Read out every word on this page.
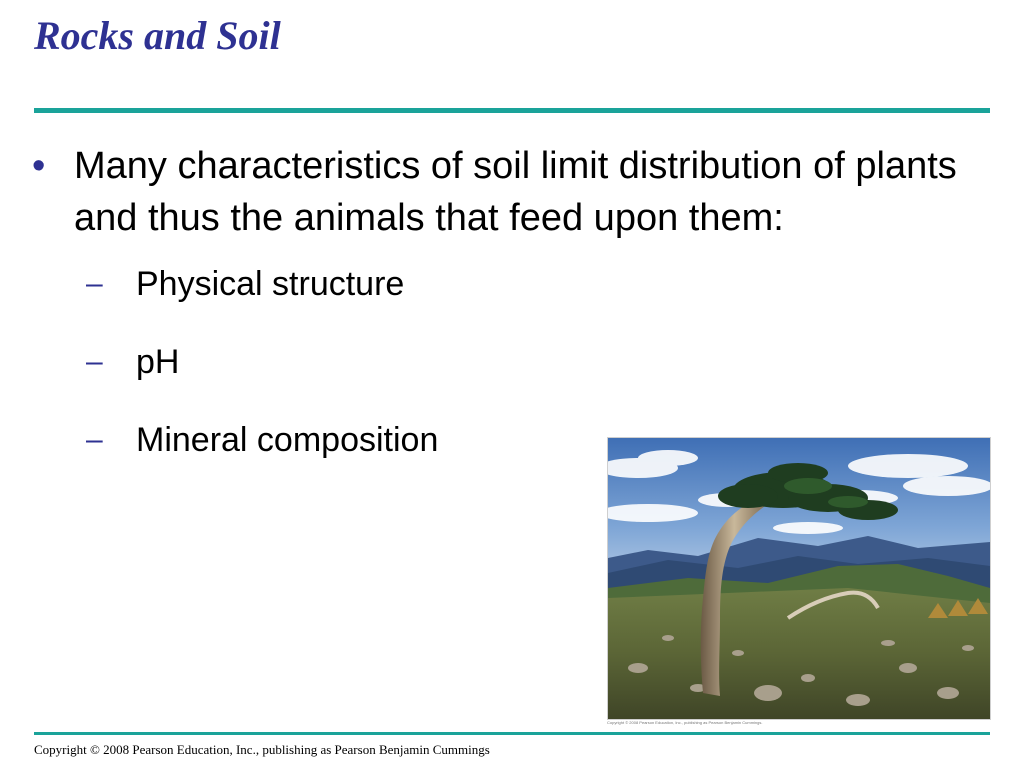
Rocks and Soil
• Many characteristics of soil limit distribution of plants and thus the animals that feed upon them:
– Physical structure
– pH
– Mineral composition
Copyright © 2008 Pearson Education, Inc., publishing as Pearson Benjamin Cummings.
Copyright © 2008 Pearson Education, Inc., publishing as Pearson Benjamin Cummings
